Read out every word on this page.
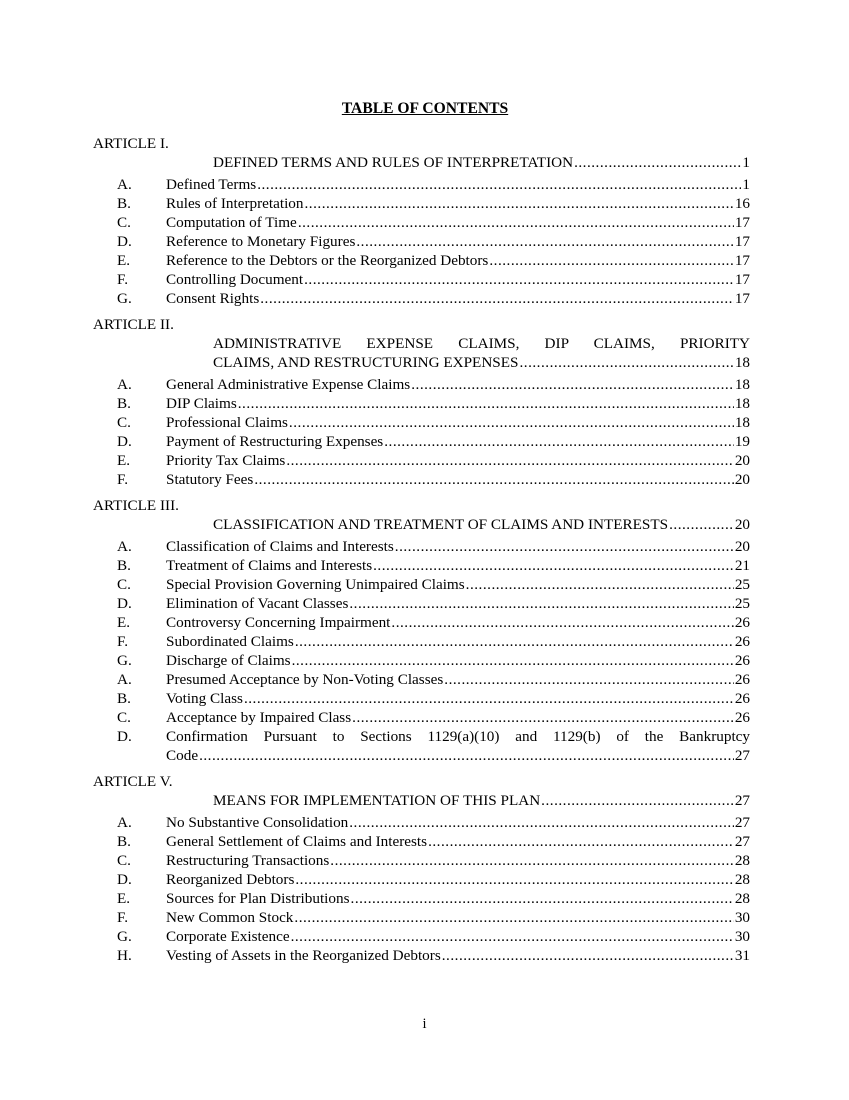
TABLE OF CONTENTS
ARTICLE I.
DEFINED TERMS AND RULES OF INTERPRETATION .....	1
A.	Defined Terms .....	1
B.	Rules of Interpretation .....	16
C.	Computation of Time .....	17
D.	Reference to Monetary Figures .....	17
E.	Reference to the Debtors or the Reorganized Debtors .....	17
F.	Controlling Document .....	17
G.	Consent Rights .....	17
ARTICLE II.
ADMINISTRATIVE EXPENSE CLAIMS, DIP CLAIMS, PRIORITY
CLAIMS, AND RESTRUCTURING EXPENSES .....	18
A.	General Administrative Expense Claims .....	18
B.	DIP Claims .....	18
C.	Professional Claims .....	18
D.	Payment of Restructuring Expenses .....	19
E.	Priority Tax Claims .....	20
F.	Statutory Fees .....	20
ARTICLE III.
CLASSIFICATION AND TREATMENT OF CLAIMS AND INTERESTS .....	20
A.	Classification of Claims and Interests .....	20
B.	Treatment of Claims and Interests .....	21
C.	Special Provision Governing Unimpaired Claims .....	25
D.	Elimination of Vacant Classes .....	25
E.	Controversy Concerning Impairment .....	26
F.	Subordinated Claims .....	26
G.	Discharge of Claims .....	26
A.	Presumed Acceptance by Non-Voting Classes .....	26
B.	Voting Class .....	26
C.	Acceptance by Impaired Class .....	26
D.	Confirmation Pursuant to Sections 1129(a)(10) and 1129(b) of the Bankruptcy
Code .....	27
ARTICLE V.
MEANS FOR IMPLEMENTATION OF THIS PLAN .....	27
A.	No Substantive Consolidation .....	27
B.	General Settlement of Claims and Interests .....	27
C.	Restructuring Transactions .....	28
D.	Reorganized Debtors .....	28
E.	Sources for Plan Distributions .....	28
F.	New Common Stock .....	30
G.	Corporate Existence .....	30
H.	Vesting of Assets in the Reorganized Debtors .....	31
i
